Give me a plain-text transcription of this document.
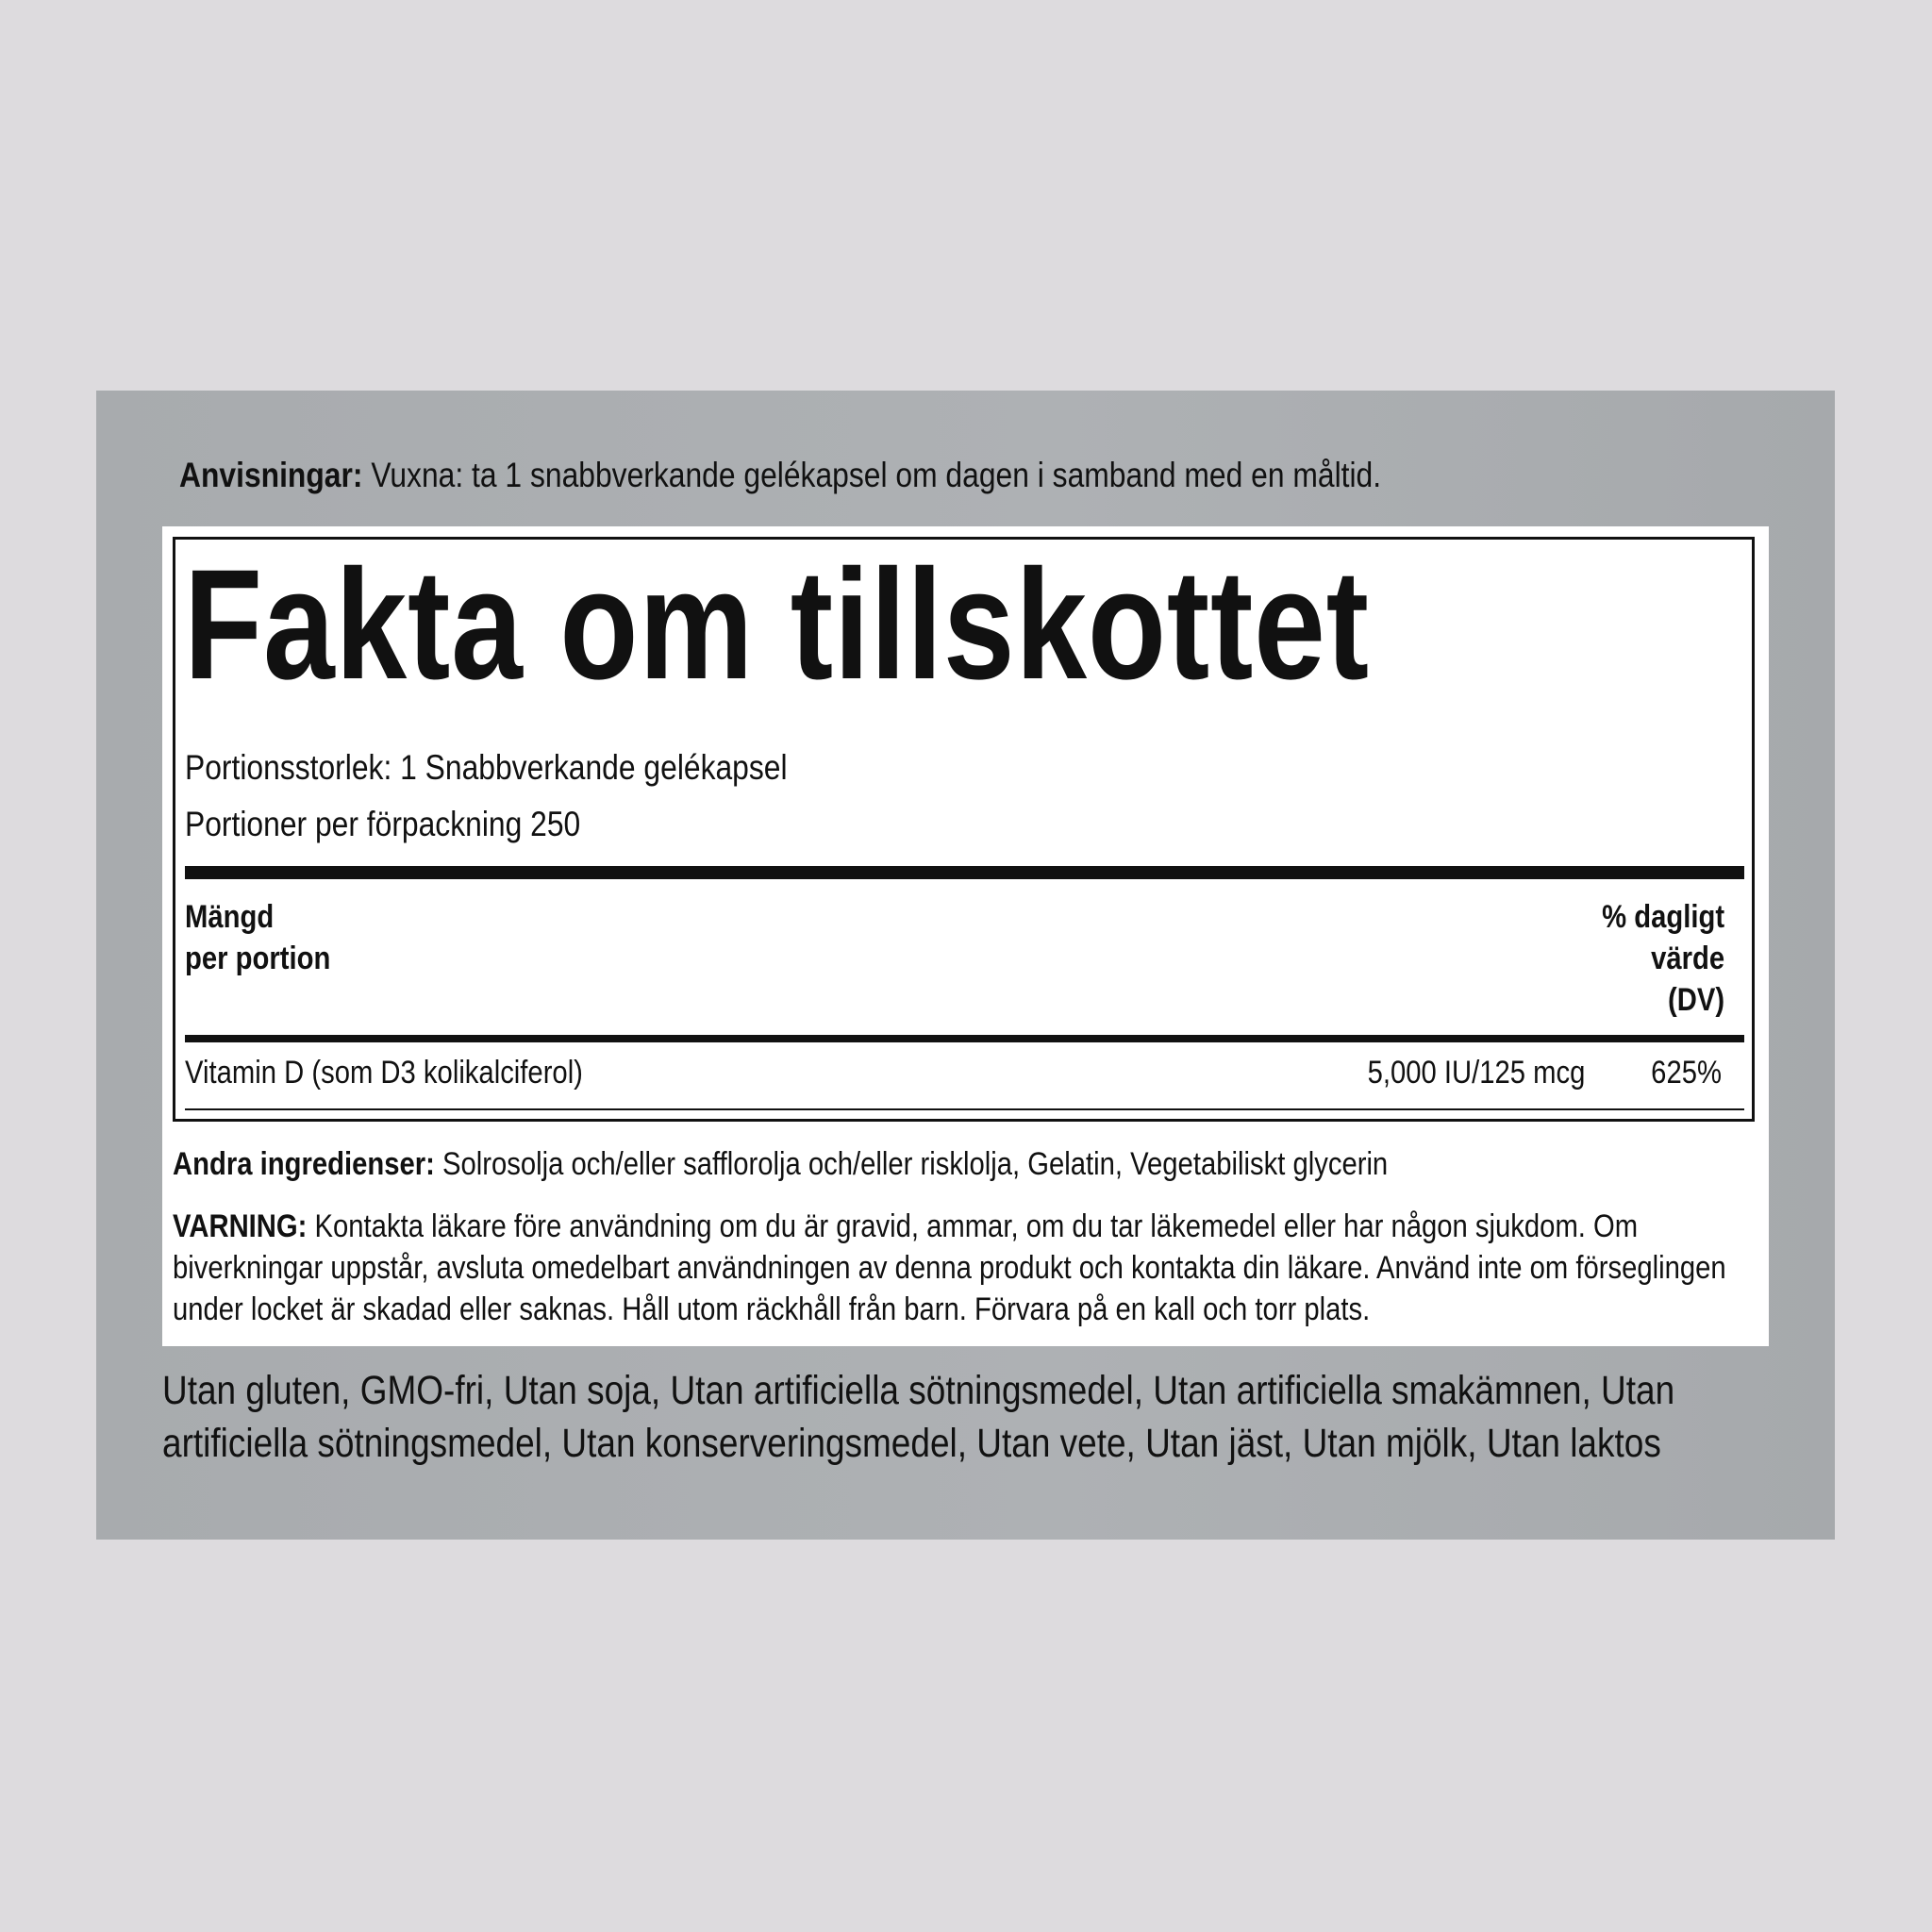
Anvisningar: Vuxna: ta 1 snabbverkande gelékapsel om dagen i samband med en måltid.
Fakta om tillskottet
Portionsstorlek: 1 Snabbverkande gelékapsel
Portioner per förpackning 250
Mängd
per portion
% dagligt
värde
(DV)
Vitamin D (som D3 kolikalciferol)	5,000 IU/125 mcg 625%
Andra ingredienser: Solrosolja och/eller safflorolja och/eller risklolja, Gelatin, Vegetabiliskt glycerin
VARNING: Kontakta läkare före användning om du är gravid, ammar, om du tar läkemedel eller har någon sjukdom. Om biverkningar uppstår, avsluta omedelbart användningen av denna produkt och kontakta din läkare. Använd inte om förseglingen under locket är skadad eller saknas. Håll utom räckhåll från barn. Förvara på en kall och torr plats.
Utan gluten, GMO-fri, Utan soja, Utan artificiella sötningsmedel, Utan artificiella smakämnen, Utan artificiella sötningsmedel, Utan konserveringsmedel, Utan vete, Utan jäst, Utan mjölk, Utan laktos
